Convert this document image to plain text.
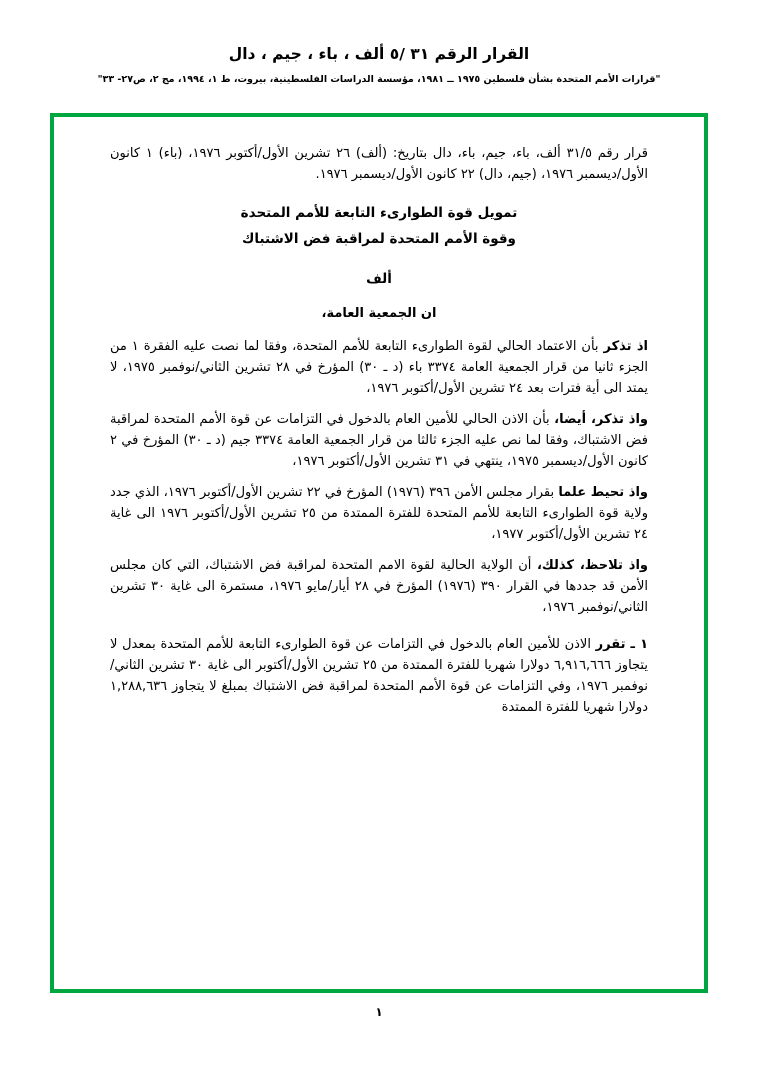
القرار الرقم ٣١ /٥ ألف ، باء ، جيم ، دال
"قرارات الأمم المتحدة بشأن فلسطين ١٩٧٥ ــ ١٩٨١، مؤسسة الدراسات الفلسطينية، بيروت، ط ١، ١٩٩٤، مج ٢، ص٢٧- ٣٣"

قرار رقم ٣١/٥ ألف، باء، جيم، باء، دال بتاريخ: (ألف) ٢٦ تشرين الأول/أكتوبر ١٩٧٦، (باء) ١ كانون الأول/ديسمبر ١٩٧٦، (جيم، دال) ٢٢ كانون الأول/ديسمبر ١٩٧٦.

تمويل قوة الطوارىء التابعة للأمم المتحدة

وقوة الأمم المتحدة لمراقبة فض الاشتباك

ألف

ان الجمعية العامة،

اذ تذكر بأن الاعتماد الحالي لقوة الطوارىء التابعة للأمم المتحدة، وفقا لما نصت عليه الفقرة ١ من الجزء ثانيا من قرار الجمعية العامة ٣٣٧٤ باء (د ـ ٣٠) المؤرخ في ٢٨ تشرين الثاني/نوفمبر ١٩٧٥، لا يمتد الى أية فترات بعد ٢٤ تشرين الأول/أكتوبر ١٩٧٦،

واذ تذكر، أيضا، بأن الاذن الحالي للأمين العام بالدخول في التزامات عن قوة الأمم المتحدة لمراقبة فض الاشتباك، وفقا لما نص عليه الجزء ثالثا من قرار الجمعية العامة ٣٣٧٤ جيم (د ـ ٣٠) المؤرخ في ٢ كانون الأول/ديسمبر ١٩٧٥، ينتهي في ٣١ تشرين الأول/أكتوبر ١٩٧٦،

واذ تحيط علما بقرار مجلس الأمن ٣٩٦ (١٩٧٦) المؤرخ في ٢٢ تشرين الأول/أكتوبر ١٩٧٦، الذي جدد ولاية قوة الطوارىء التابعة للأمم المتحدة للفترة الممتدة من ٢٥ تشرين الأول/أكتوبر ١٩٧٦ الى غاية ٢٤ تشرين الأول/أكتوبر ١٩٧٧،

واذ تلاحظ، كذلك، أن الولاية الحالية لقوة الامم المتحدة لمراقبة فض الاشتباك، التي كان مجلس الأمن قد جددها في القرار ٣٩٠ (١٩٧٦) المؤرخ في ٢٨ أيار/مايو ١٩٧٦، مستمرة الى غاية ٣٠ تشرين الثاني/نوفمبر ١٩٧٦،

١ ـ تقرر الاذن للأمين العام بالدخول في التزامات عن قوة الطوارىء التابعة للأمم المتحدة بمعدل لا يتجاوز ٦,٩١٦,٦٦٦ دولارا شهريا للفترة الممتدة من ٢٥ تشرين الأول/أكتوبر الى غاية ٣٠ تشرين الثاني/نوفمبر ١٩٧٦، وفي التزامات عن قوة الأمم المتحدة لمراقبة فض الاشتباك بمبلغ لا يتجاوز ١,٢٨٨,٦٣٦ دولارا شهريا للفترة الممتدة

١
